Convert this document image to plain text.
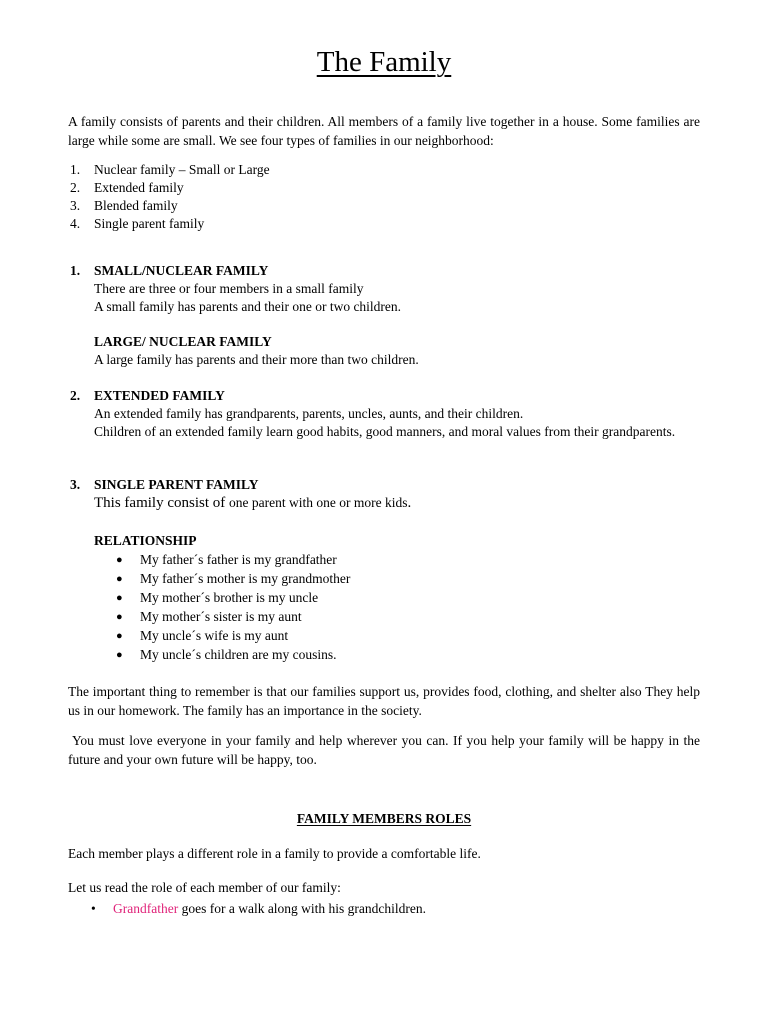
The Family
A family consists of parents and their children. All members of a family live together in a house. Some families are large while some are small. We see four types of families in our neighborhood:
1. Nuclear family – Small or Large
2. Extended family
3. Blended family
4. Single parent family
1. SMALL/NUCLEAR FAMILY
There are three or four members in a small family
A small family has parents and their one or two children.
LARGE/ NUCLEAR FAMILY
A large family has parents and their more than two children.
2. EXTENDED FAMILY
An extended family has grandparents, parents, uncles, aunts, and their children.
Children of an extended family learn good habits, good manners, and moral values from their grandparents.
3. SINGLE PARENT FAMILY
This family consist of one parent with one or more kids.
RELATIONSHIP
● My father´s father is my grandfather
● My father´s mother is my grandmother
● My mother´s brother is my uncle
● My mother´s sister is my aunt
● My uncle´s wife is my aunt
● My uncle´s children are my cousins.
The important thing to remember is that our families support us, provides food, clothing, and shelter also They help us in our homework. The family has an importance in the society.
You must love everyone in your family and help wherever you can. If you help your family will be happy in the future and your own future will be happy, too.
FAMILY MEMBERS ROLES
Each member plays a different role in a family to provide a comfortable life.
Let us read the role of each member of our family:
• Grandfather goes for a walk along with his grandchildren.
